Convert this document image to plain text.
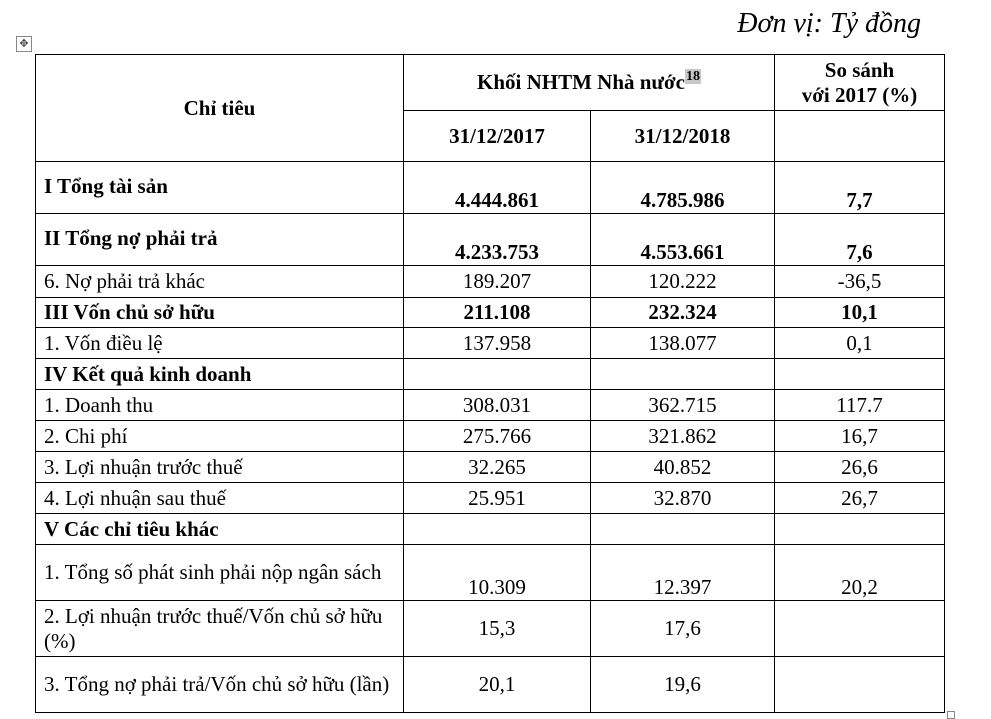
Đơn vị: Tỷ đồng
✥
Chỉ tiêu	Khối NHTM Nhà nước$^{18}$		So sánh
với 2017 (%)

	31/12/2017	31/12/2018	
I Tổng tài sản	4.444.861	4.785.986	7,7
II Tổng nợ phải trả	4.233.753	4.553.661	7,6
6. Nợ phải trả khác	189.207	120.222	-36,5
III Vốn chủ sở hữu	211.108	232.324	10,1
1. Vốn điều lệ	137.958	138.077	0,1
IV Kết quả kinh doanh			
1. Doanh thu	308.031	362.715	117.7
2. Chi phí	275.766	321.862	16,7
3. Lợi nhuận trước thuế	32.265	40.852	26,6
4. Lợi nhuận sau thuế	25.951	32.870	26,7
V Các chỉ tiêu khác			
1. Tổng số phát sinh phải nộp ngân sách	10.309	12.397	20,2
2. Lợi nhuận trước thuế/Vốn chủ sở hữu (%)	15,3	17,6	
3. Tổng nợ phải trả/Vốn chủ sở hữu (lần)	20,1	19,6	
